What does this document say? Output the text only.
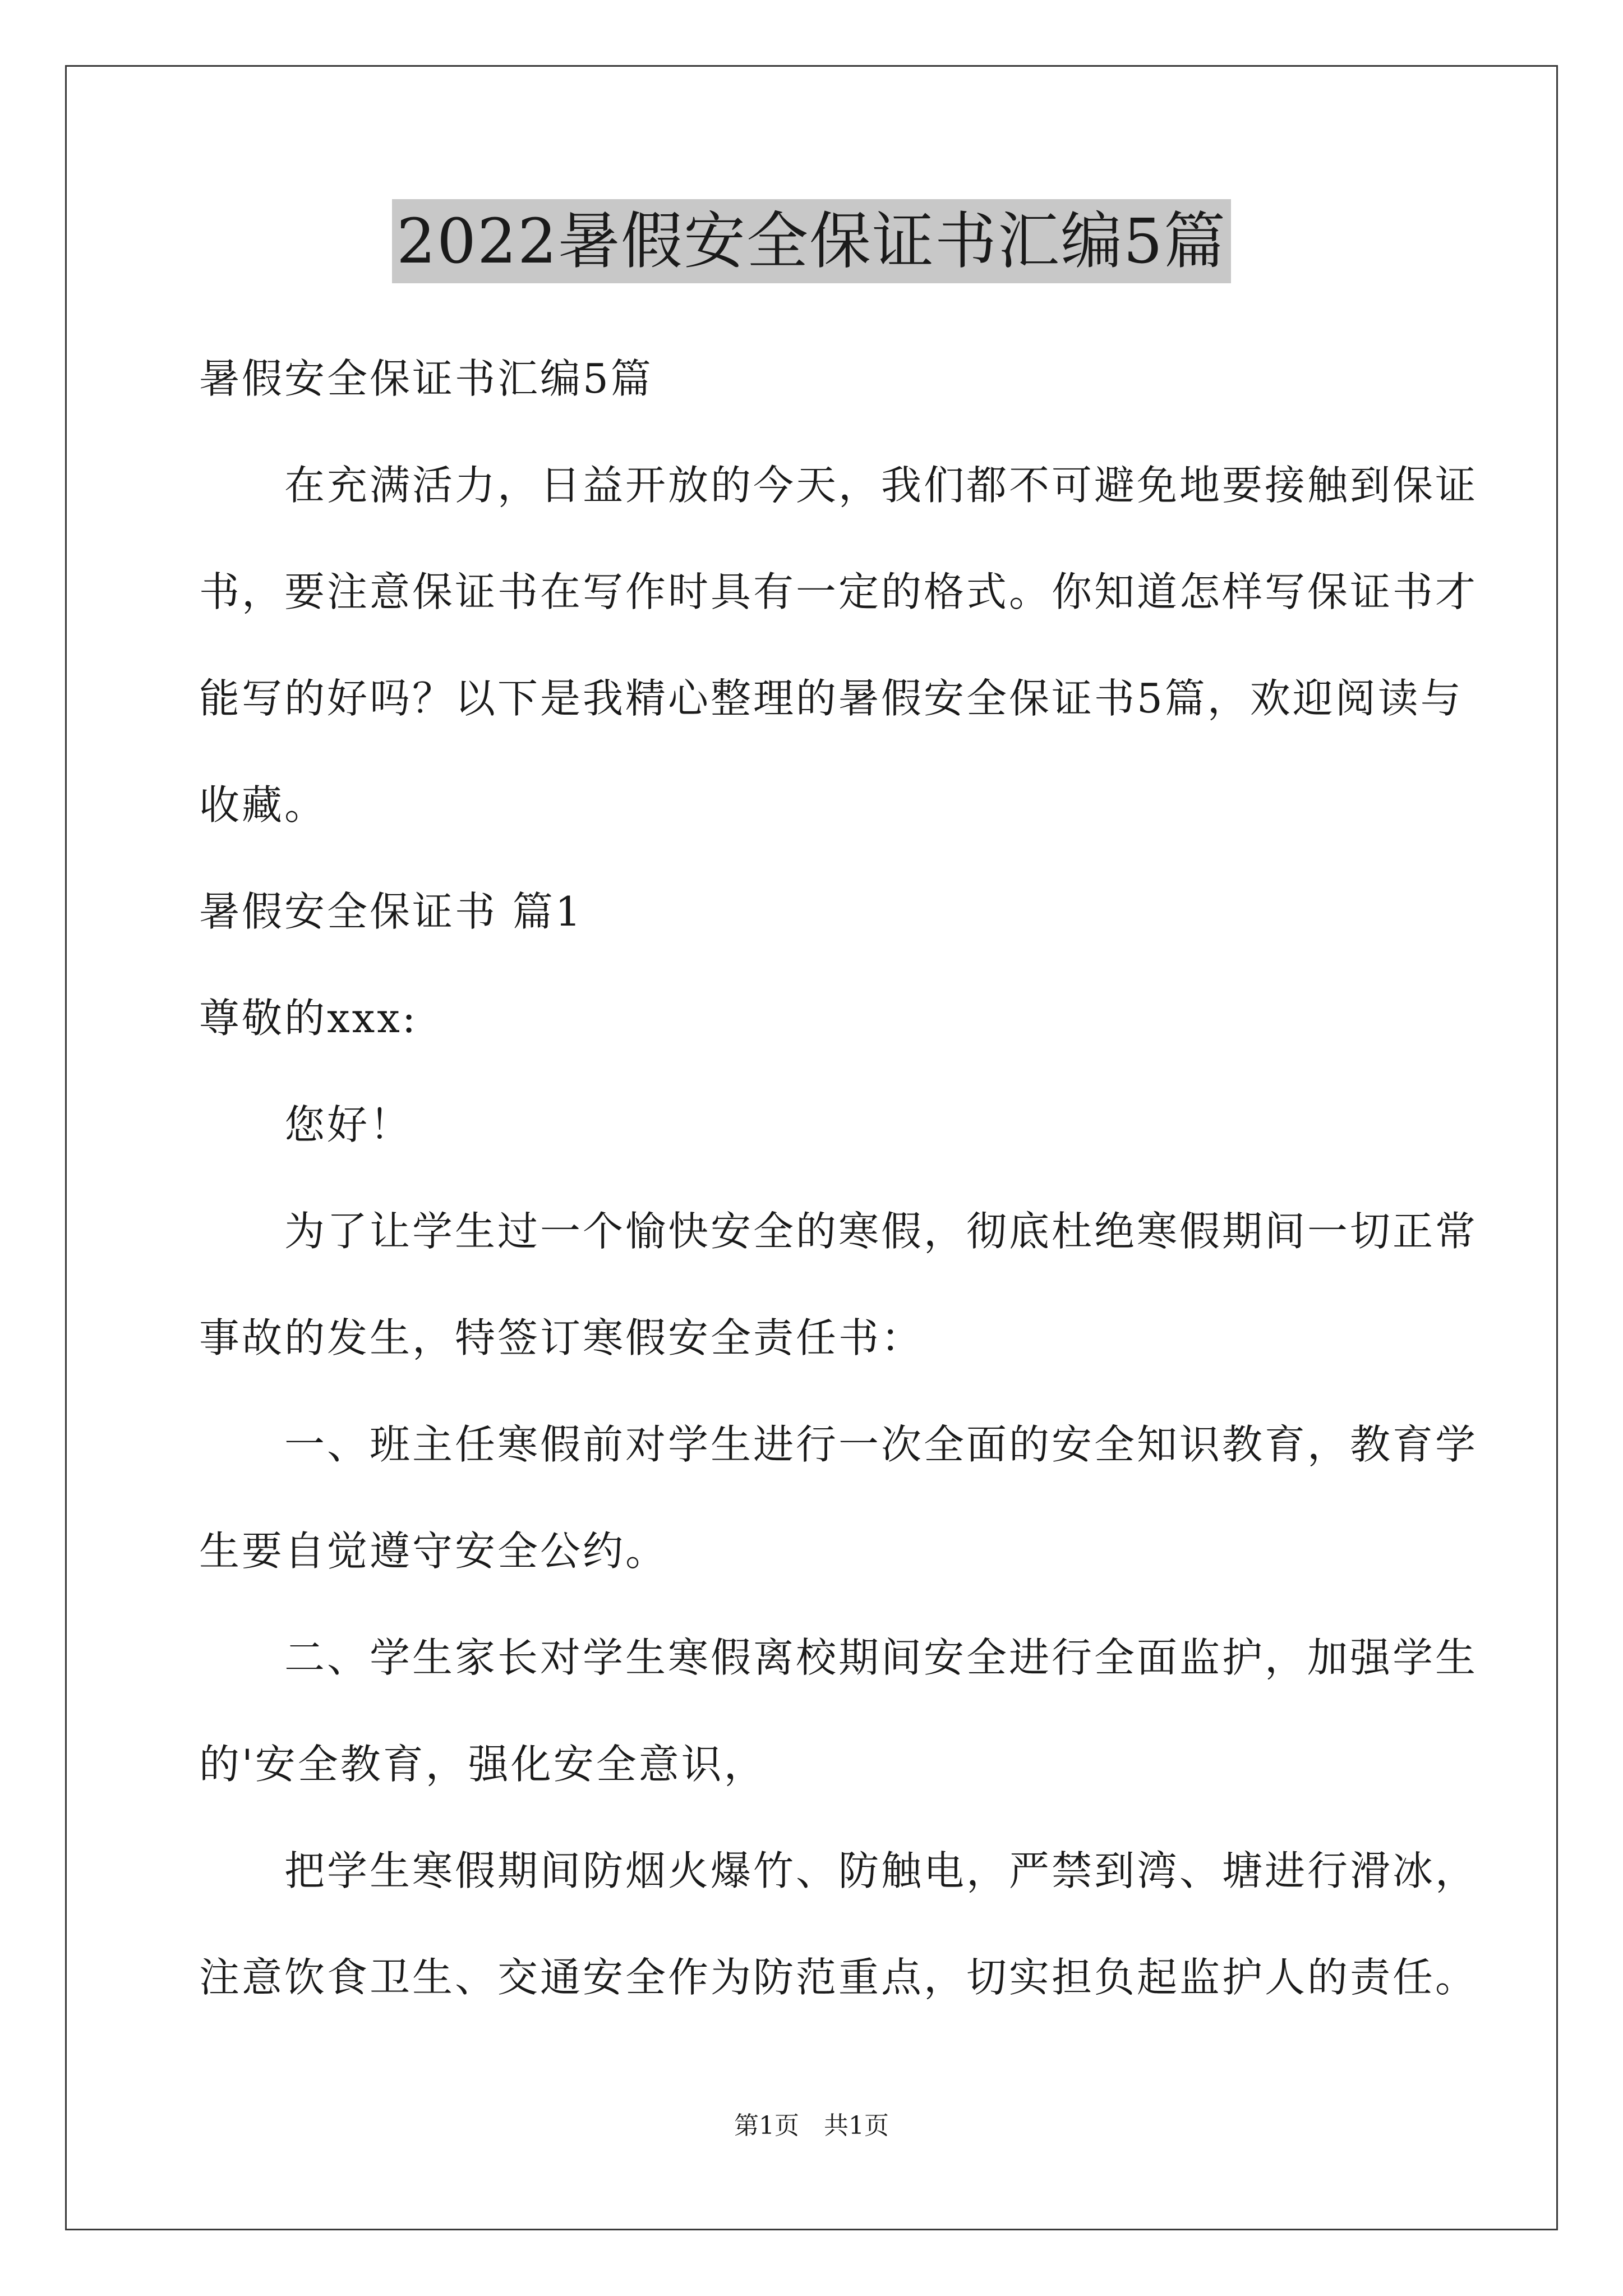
2022暑假安全保证书汇编5篇
暑假安全保证书汇编5篇
　　在充满活力，日益开放的今天，我们都不可避免地要接触到保证
书，要注意保证书在写作时具有一定的格式。你知道怎样写保证书才
能写的好吗？以下是我精心整理的暑假安全保证书5篇，欢迎阅读与
收藏。
暑假安全保证书 篇1
尊敬的xxx:
　　您好！
　　为了让学生过一个愉快安全的寒假，彻底杜绝寒假期间一切正常
事故的发生，特签订寒假安全责任书：
　　一、班主任寒假前对学生进行一次全面的安全知识教育，教育学
生要自觉遵守安全公约。
　　二、学生家长对学生寒假离校期间安全进行全面监护，加强学生
的'安全教育，强化安全意识，
　　把学生寒假期间防烟火爆竹、防触电，严禁到湾、塘进行滑冰，
注意饮食卫生、交通安全作为防范重点，切实担负起监护人的责任。
第1页　共1页
